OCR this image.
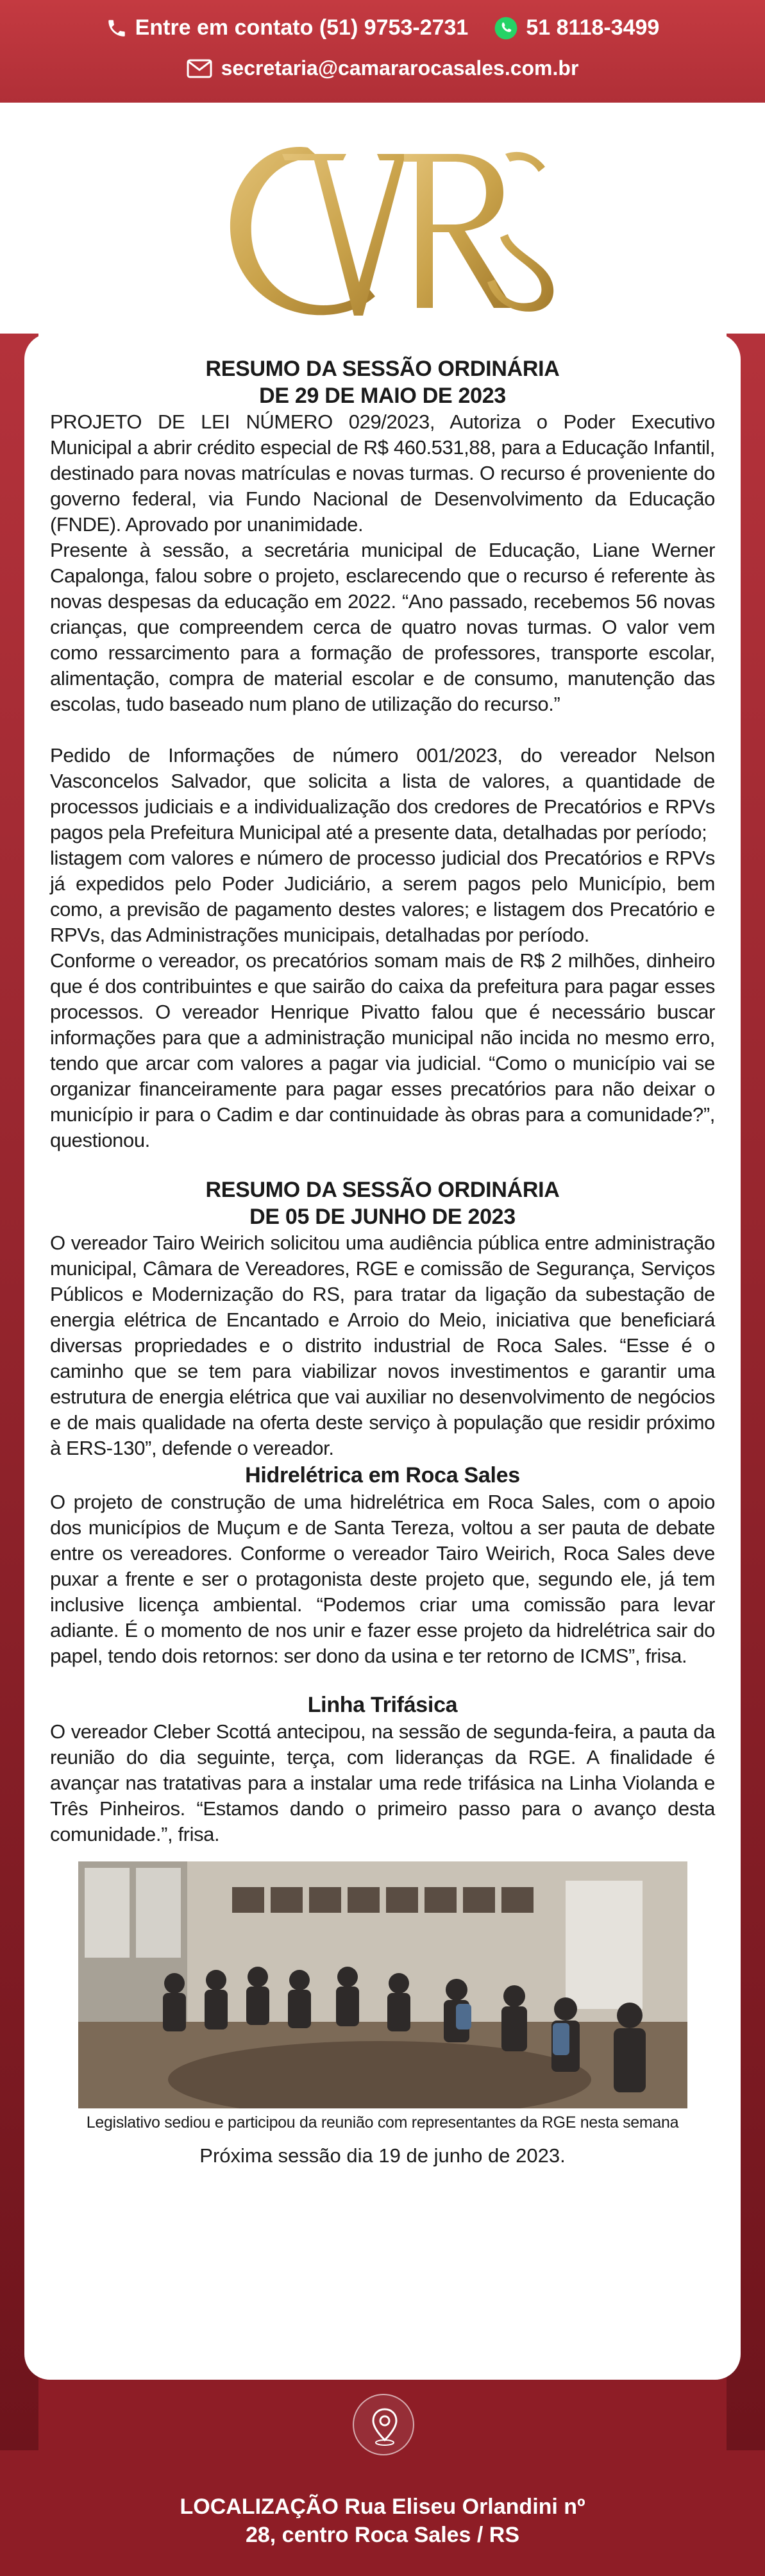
Entre em contato (51) 9753-2731	51 8118-3499
secretaria@camararocasales.com.br
RESUMO DA SESSÃO ORDINÁRIA
DE 29 DE MAIO DE 2023

PROJETO DE LEI NÚMERO 029/2023, Autoriza o Poder Executivo Municipal a abrir crédito especial de R$ 460.531,88, para a Educação Infantil, destinado para novas matrículas e novas turmas. O recurso é proveniente do governo federal, via Fundo Nacional de Desenvolvimento da Educação (FNDE). Aprovado por unanimidade.

Presente à sessão, a secretária municipal de Educação, Liane Werner Capalonga, falou sobre o projeto, esclarecendo que o recurso é referente às novas despesas da educação em 2022. “Ano passado, recebemos 56 novas crianças, que compreendem cerca de quatro novas turmas. O valor vem como ressarcimento para a formação de professores, transporte escolar, alimentação, compra de material escolar e de consumo, manutenção das escolas, tudo baseado num plano de utilização do recurso.”

Pedido de Informações de número 001/2023, do vereador Nelson Vasconcelos Salvador, que solicita a lista de valores, a quantidade de processos judiciais e a individualização dos credores de Precatórios e RPVs pagos pela Prefeitura Municipal até a presente data, detalhadas por período;

listagem com valores e número de processo judicial dos Precatórios e RPVs já expedidos pelo Poder Judiciário, a serem pagos pelo Município, bem como, a previsão de pagamento destes valores; e listagem dos Precatório e RPVs, das Administrações municipais, detalhadas por período.

Conforme o vereador, os precatórios somam mais de R$ 2 milhões, dinheiro que é dos contribuintes e que sairão do caixa da prefeitura para pagar esses processos. O vereador Henrique Pivatto falou que é necessário buscar informações para que a administração municipal não incida no mesmo erro, tendo que arcar com valores a pagar via judicial. “Como o município vai se organizar financeiramente para pagar esses precatórios para não deixar o município ir para o Cadim e dar continuidade às obras para a comunidade?”, questionou.

RESUMO DA SESSÃO ORDINÁRIA
DE 05 DE JUNHO DE 2023

O vereador Tairo Weirich solicitou uma audiência pública entre administração municipal, Câmara de Vereadores, RGE e comissão de Segurança, Serviços Públicos e Modernização do RS, para tratar da ligação da subestação de energia elétrica de Encantado e Arroio do Meio, iniciativa que beneficiará diversas propriedades e o distrito industrial de Roca Sales. “Esse é o caminho que se tem para viabilizar novos investimentos e garantir uma estrutura de energia elétrica que vai auxiliar no desenvolvimento de negócios e de mais qualidade na oferta deste serviço à população que residir próximo à ERS-130”, defende o vereador.

Hidrelétrica em Roca Sales

O projeto de construção de uma hidrelétrica em Roca Sales, com o apoio dos municípios de Muçum e de Santa Tereza, voltou a ser pauta de debate entre os vereadores. Conforme o vereador Tairo Weirich, Roca Sales deve puxar a frente e ser o protagonista deste projeto que, segundo ele, já tem inclusive licença ambiental. “Podemos criar uma comissão para levar adiante. É o momento de nos unir e fazer esse projeto da hidrelétrica sair do papel, tendo dois retornos: ser dono da usina e ter retorno de ICMS”, frisa.

Linha Trifásica

O vereador Cleber Scottá antecipou, na sessão de segunda-feira, a pauta da reunião do dia seguinte, terça, com lideranças da RGE. A finalidade é avançar nas tratativas para a instalar uma rede trifásica na Linha Violanda e Três Pinheiros. “Estamos dando o primeiro passo para o avanço desta comunidade.”, frisa.

Legislativo sediou e participou da reunião com representantes da RGE nesta semana
Próxima sessão dia 19 de junho de 2023.
LOCALIZAÇÃO Rua Eliseu Orlandini nº
28, centro Roca Sales / RS
